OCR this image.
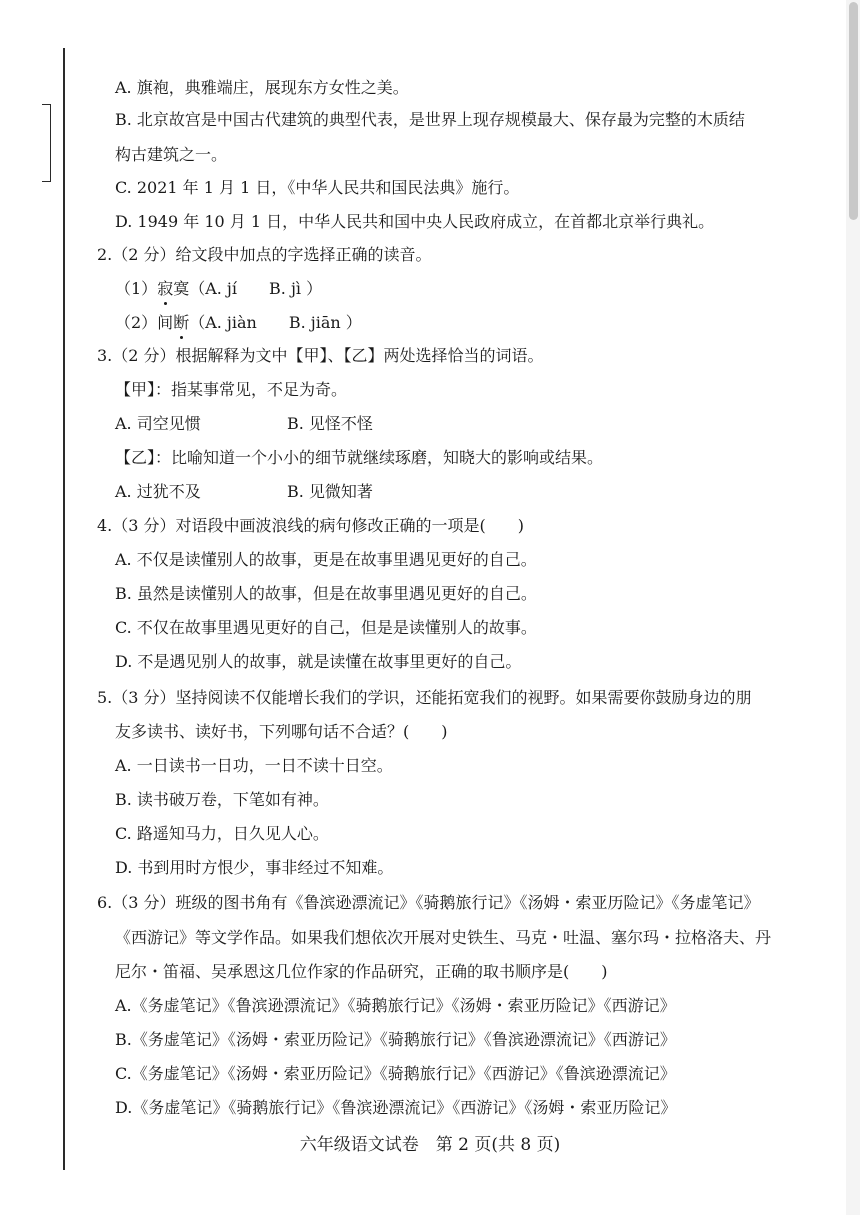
A. 旗袍，典雅端庄，展现东方女性之美。
B. 北京故宫是中国古代建筑的典型代表，是世界上现存规模最大、保存最为完整的木质结
构古建筑之一。
C. 2021 年 1 月 1 日，《中华人民共和国民法典》施行。
D. 1949 年 10 月 1 日，中华人民共和国中央人民政府成立，在首都北京举行典礼。
2.（2 分）给文段中加点的字选择正确的读音。
（1）寂寞（A. jí　　B. jì ）
（2）间断（A. jiàn　　B. jiān ）
3.（2 分）根据解释为文中【甲】、【乙】两处选择恰当的词语。
【甲】：指某事常见，不足为奇。
A. 司空见惯	B. 见怪不怪
【乙】：比喻知道一个小小的细节就继续琢磨，知晓大的影响或结果。
A. 过犹不及	B. 见微知著
4.（3 分）对语段中画波浪线的病句修改正确的一项是(　　)
A. 不仅是读懂别人的故事，更是在故事里遇见更好的自己。
B. 虽然是读懂别人的故事，但是在故事里遇见更好的自己。
C. 不仅在故事里遇见更好的自己，但是是读懂别人的故事。
D. 不是遇见别人的故事，就是读懂在故事里更好的自己。
5.（3 分）坚持阅读不仅能增长我们的学识，还能拓宽我们的视野。如果需要你鼓励身边的朋
友多读书、读好书，下列哪句话不合适？(　　)
A. 一日读书一日功，一日不读十日空。
B. 读书破万卷，下笔如有神。
C. 路遥知马力，日久见人心。
D. 书到用时方恨少，事非经过不知难。
6.（3 分）班级的图书角有《鲁滨逊漂流记》《骑鹅旅行记》《汤姆・索亚历险记》《务虚笔记》
《西游记》等文学作品。如果我们想依次开展对史铁生、马克・吐温、塞尔玛・拉格洛夫、丹
尼尔・笛福、吴承恩这几位作家的作品研究，正确的取书顺序是(　　)
A.《务虚笔记》《鲁滨逊漂流记》《骑鹅旅行记》《汤姆・索亚历险记》《西游记》
B.《务虚笔记》《汤姆・索亚历险记》《骑鹅旅行记》《鲁滨逊漂流记》《西游记》
C.《务虚笔记》《汤姆・索亚历险记》《骑鹅旅行记》《西游记》《鲁滨逊漂流记》
D.《务虚笔记》《骑鹅旅行记》《鲁滨逊漂流记》《西游记》《汤姆・索亚历险记》
六年级语文试卷　第 2 页(共 8 页)
